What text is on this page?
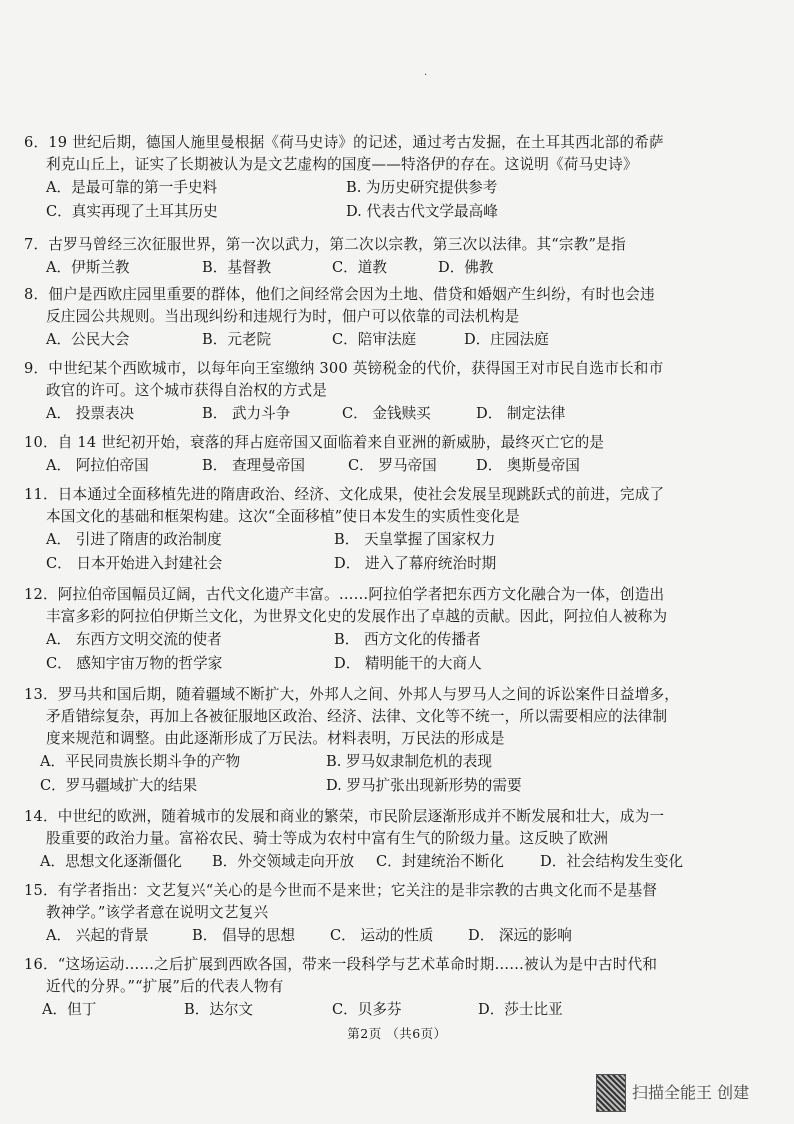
·
6．19 世纪后期，德国人施里曼根据《荷马史诗》的记述，通过考古发掘，在土耳其西北部的希萨
利克山丘上，证实了长期被认为是文艺虚构的国度——特洛伊的存在。这说明《荷马史诗》
A．是最可靠的第一手史料	B. 为历史研究提供参考
C．真实再现了土耳其历史	D. 代表古代文学最高峰
7．古罗马曾经三次征服世界，第一次以武力，第二次以宗教，第三次以法律。其“宗教”是指
A．伊斯兰教	B．基督教	C．道教	D．佛教
8．佃户是西欧庄园里重要的群体，他们之间经常会因为土地、借贷和婚姻产生纠纷，有时也会违
反庄园公共规则。当出现纠纷和违规行为时，佃户可以依靠的司法机构是
A．公民大会	B．元老院	C．陪审法庭	D．庄园法庭
9．中世纪某个西欧城市，以每年向王室缴纳 300 英镑税金的代价，获得国王对市民自选市长和市
政官的许可。这个城市获得自治权的方式是
A． 投票表决	B． 武力斗争	C． 金钱赎买	D． 制定法律
10．自 14 世纪初开始，衰落的拜占庭帝国又面临着来自亚洲的新威胁，最终灭亡它的是
A． 阿拉伯帝国	B． 查理曼帝国	C． 罗马帝国	D． 奥斯曼帝国
11．日本通过全面移植先进的隋唐政治、经济、文化成果，使社会发展呈现跳跃式的前进，完成了
本国文化的基础和框架构建。这次“全面移植”使日本发生的实质性变化是
A． 引进了隋唐的政治制度	B． 天皇掌握了国家权力
C． 日本开始进入封建社会	D． 进入了幕府统治时期
12．阿拉伯帝国幅员辽阔，古代文化遗产丰富。……阿拉伯学者把东西方文化融合为一体，创造出
丰富多彩的阿拉伯伊斯兰文化，为世界文化史的发展作出了卓越的贡献。因此，阿拉伯人被称为
A． 东西方文明交流的使者	B． 西方文化的传播者
C． 感知宇宙万物的哲学家	D． 精明能干的大商人
13．罗马共和国后期，随着疆域不断扩大，外邦人之间、外邦人与罗马人之间的诉讼案件日益增多，
矛盾错综复杂，再加上各被征服地区政治、经济、法律、文化等不统一，所以需要相应的法律制
度来规范和调整。由此逐渐形成了万民法。材料表明，万民法的形成是
A．平民同贵族长期斗争的产物	B. 罗马奴隶制危机的表现
C．罗马疆域扩大的结果	D. 罗马扩张出现新形势的需要
14．中世纪的欧洲，随着城市的发展和商业的繁荣，市民阶层逐渐形成并不断发展和壮大，成为一
股重要的政治力量。富裕农民、骑士等成为农村中富有生气的阶级力量。这反映了欧洲
A．思想文化逐渐僵化 B．外交领域走向开放 C．封建统治不断化 D．社会结构发生变化
15．有学者指出：文艺复兴“关心的是今世而不是来世；它关注的是非宗教的古典文化而不是基督
教神学。”该学者意在说明文艺复兴
A． 兴起的背景	B． 倡导的思想 C． 运动的性质 D． 深远的影响
16．“这场运动……之后扩展到西欧各国，带来一段科学与艺术革命时期……被认为是中古时代和
近代的分界。”“扩展”后的代表人物有
A．但丁	B．达尔文	C．贝多芬	D．莎士比亚
第2页 （共6页）
扫描全能王 创建
